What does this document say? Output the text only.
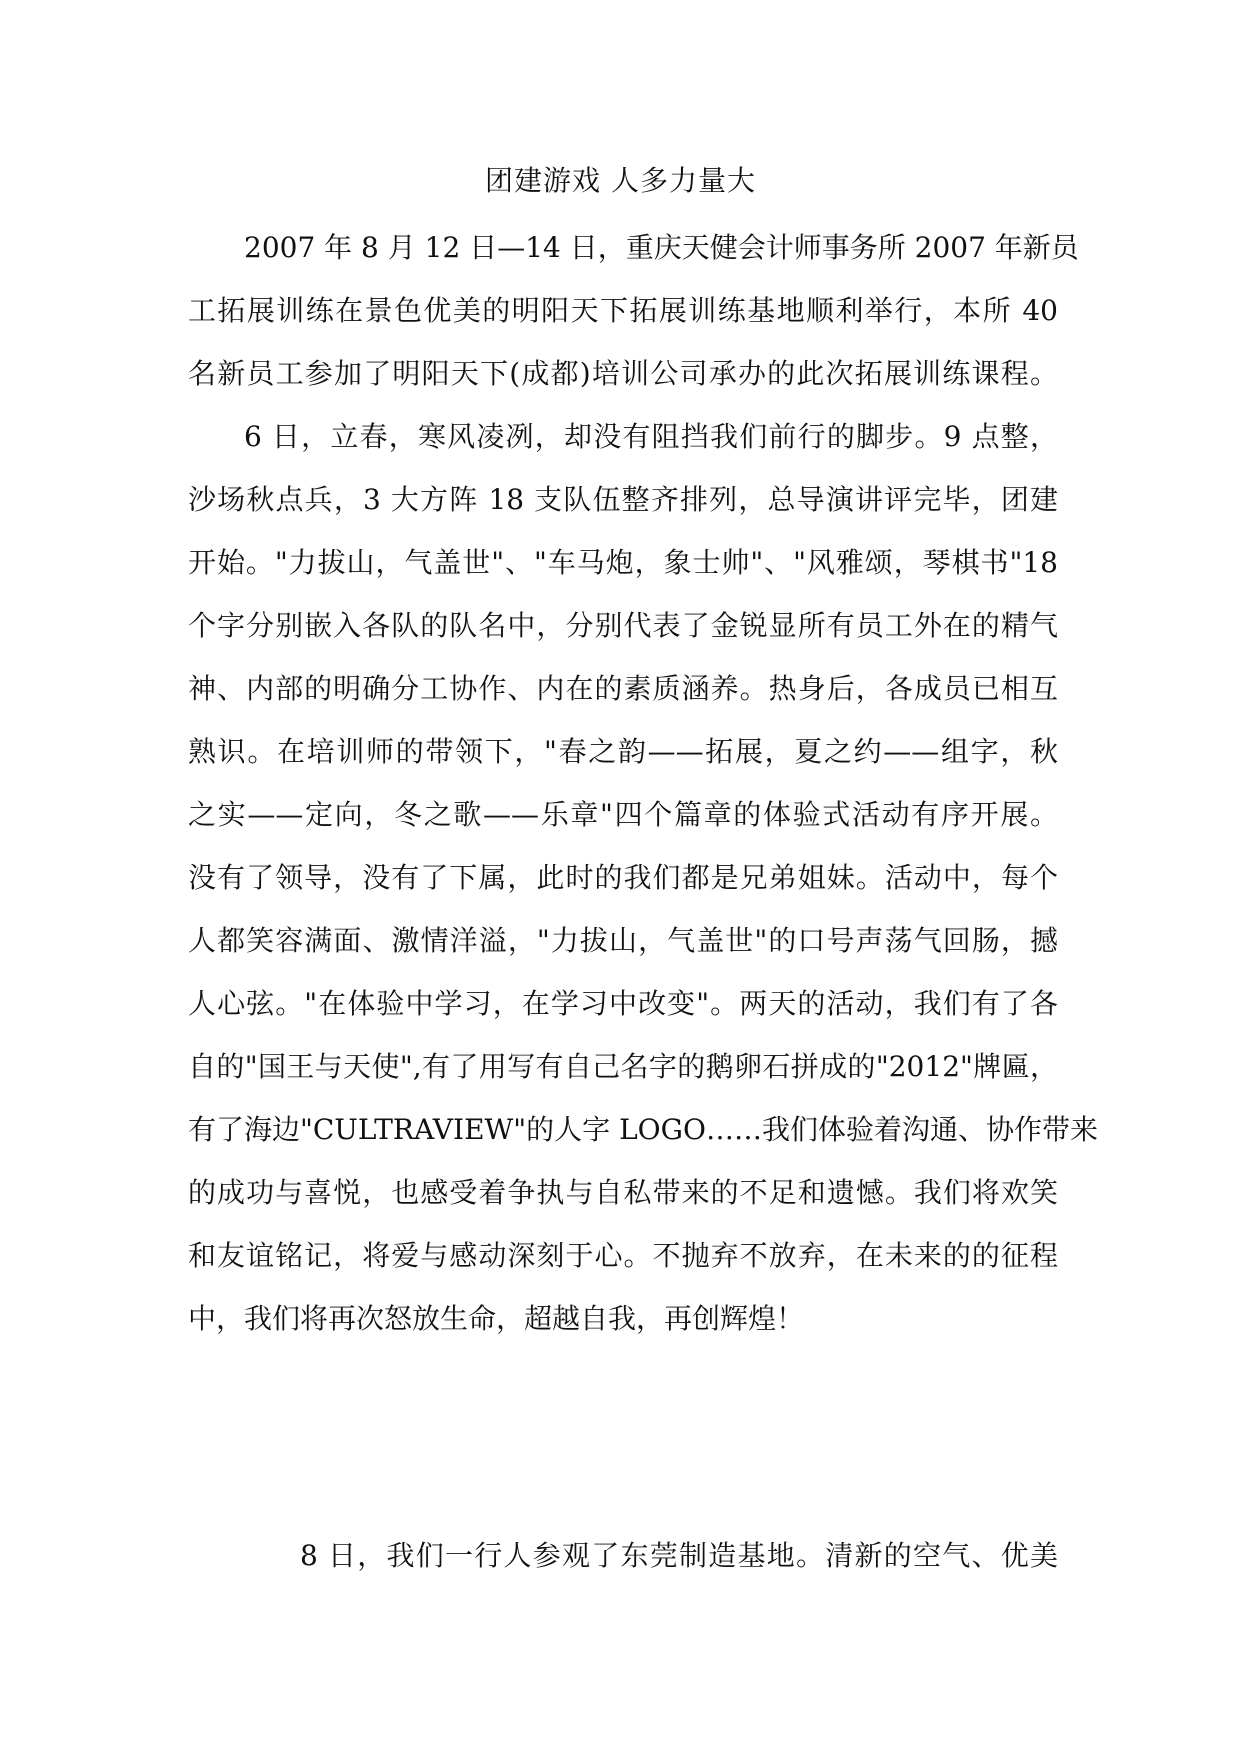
团建游戏 人多力量大
2007 年 8 月 12 日—14 日，重庆天健会计师事务所 2007 年新员
工拓展训练在景色优美的明阳天下拓展训练基地顺利举行，本所 40
名新员工参加了明阳天下(成都)培训公司承办的此次拓展训练课程。
6 日，立春，寒风凌冽，却没有阻挡我们前行的脚步。9 点整，
沙场秋点兵，3 大方阵 18 支队伍整齐排列，总导演讲评完毕，团建
开始。"力拔山，气盖世"、"车马炮，象士帅"、"风雅颂，琴棋书"18
个字分别嵌入各队的队名中，分别代表了金锐显所有员工外在的精气
神、内部的明确分工协作、内在的素质涵养。热身后，各成员已相互
熟识。在培训师的带领下，"春之韵——拓展，夏之约——组字，秋
之实——定向，冬之歌——乐章"四个篇章的体验式活动有序开展。
没有了领导，没有了下属，此时的我们都是兄弟姐妹。活动中，每个
人都笑容满面、激情洋溢，"力拔山，气盖世"的口号声荡气回肠，撼
人心弦。"在体验中学习，在学习中改变"。两天的活动，我们有了各
自的"国王与天使",有了用写有自己名字的鹅卵石拼成的"2012"牌匾，
有了海边"CULTRAVIEW"的人字 LOGO……我们体验着沟通、协作带来
的成功与喜悦，也感受着争执与自私带来的不足和遗憾。我们将欢笑
和友谊铭记，将爱与感动深刻于心。不抛弃不放弃，在未来的的征程
中，我们将再次怒放生命，超越自我，再创辉煌！
8 日，我们一行人参观了东莞制造基地。清新的空气、优美
